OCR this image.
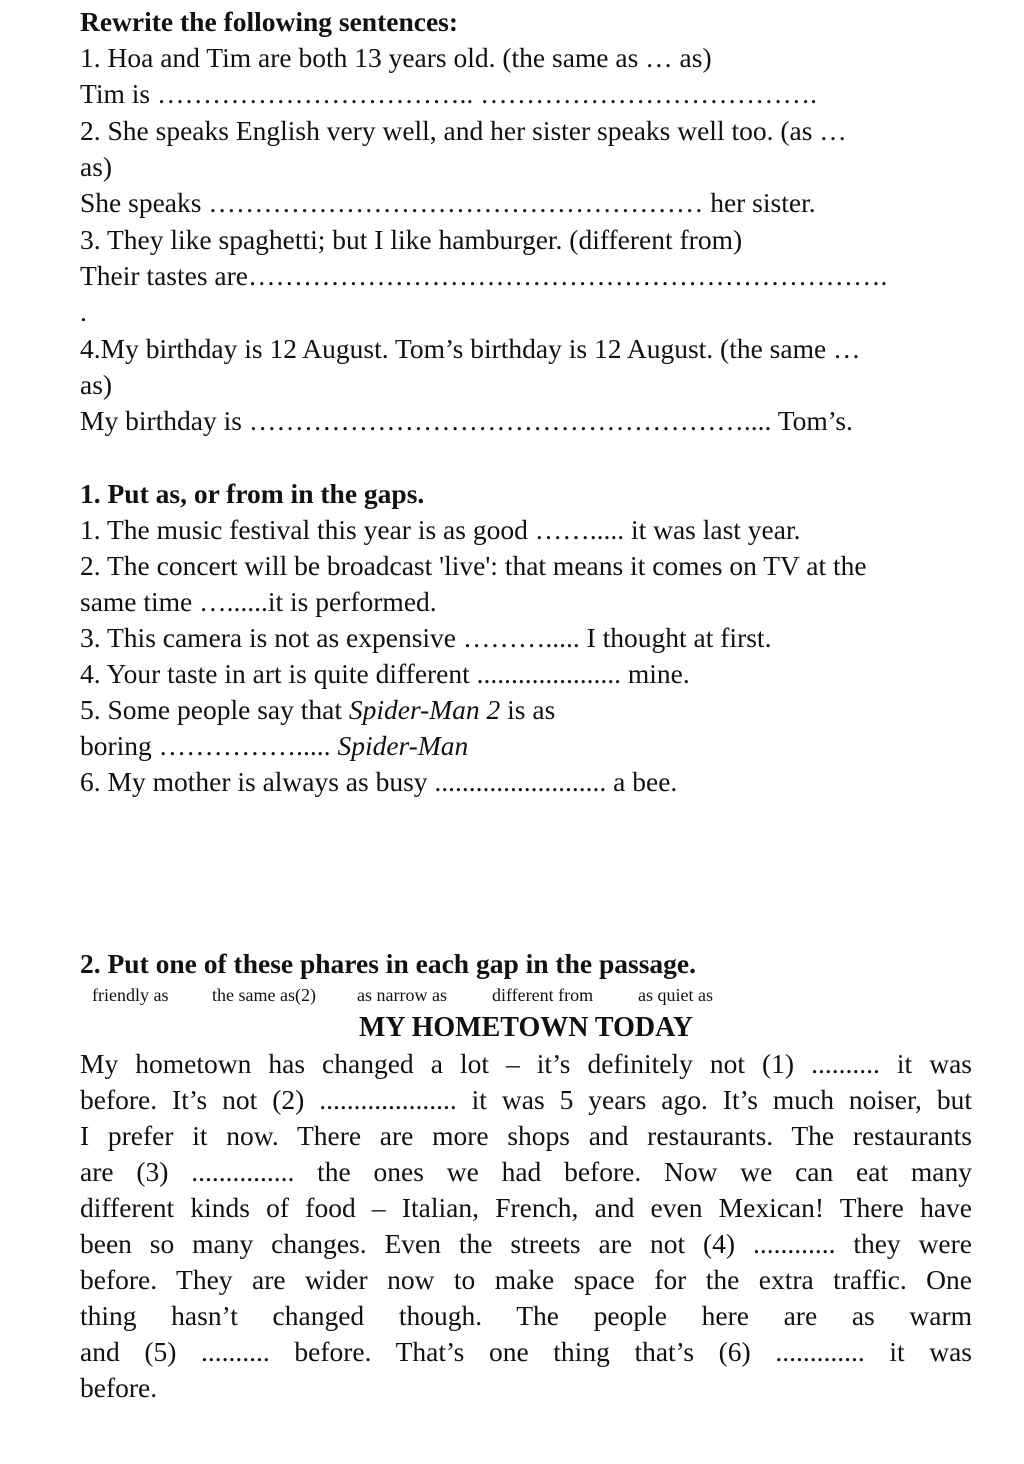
Rewrite the following sentences:
1. Hoa and Tim are both 13 years old. (the same as … as)
Tim is …………………………….. ……………………………….
2. She speaks English very well, and her sister speaks well too. (as …
as)
She speaks ……………………………………………… her sister.
3. They like spaghetti; but I like hamburger. (different from)
Their tastes are…………………………………………………………….
.
4.My birthday is 12 August. Tom’s birthday is 12 August. (the same …
as)
My birthday is ……………………………………………….... Tom’s.
1. Put as, or from in the gaps.
1. The music festival this year is as good ……..... it was last year.
2. The concert will be broadcast 'live': that means it comes on TV at the
same time …......it is performed.
3. This camera is not as expensive ………..... I thought at first.
4. Your taste in art is quite different ..................... mine.
5. Some people say that Spider-Man 2 is as
boring ……………..... Spider-Man
6. My mother is always as busy ......................... a bee.
2. Put one of these phares in each gap in the passage.
friendly as the same as(2) as narrow as	different from as quiet as
MY HOMETOWN TODAY
My hometown has changed a lot – it’s definitely not (1) .......... it was
before. It’s not (2) .................... it was 5 years ago. It’s much noiser, but
I prefer it now. There are more shops and restaurants. The restaurants
are (3) ............... the ones we had before. Now we can eat many
different kinds of food – Italian, French, and even Mexican! There have
been so many changes. Even the streets are not (4) ............ they were
before. They are wider now to make space for the extra traffic. One
thing hasn’t changed though. The people here are as warm
and (5) .......... before. That’s one thing that’s (6) ............. it was
before.
